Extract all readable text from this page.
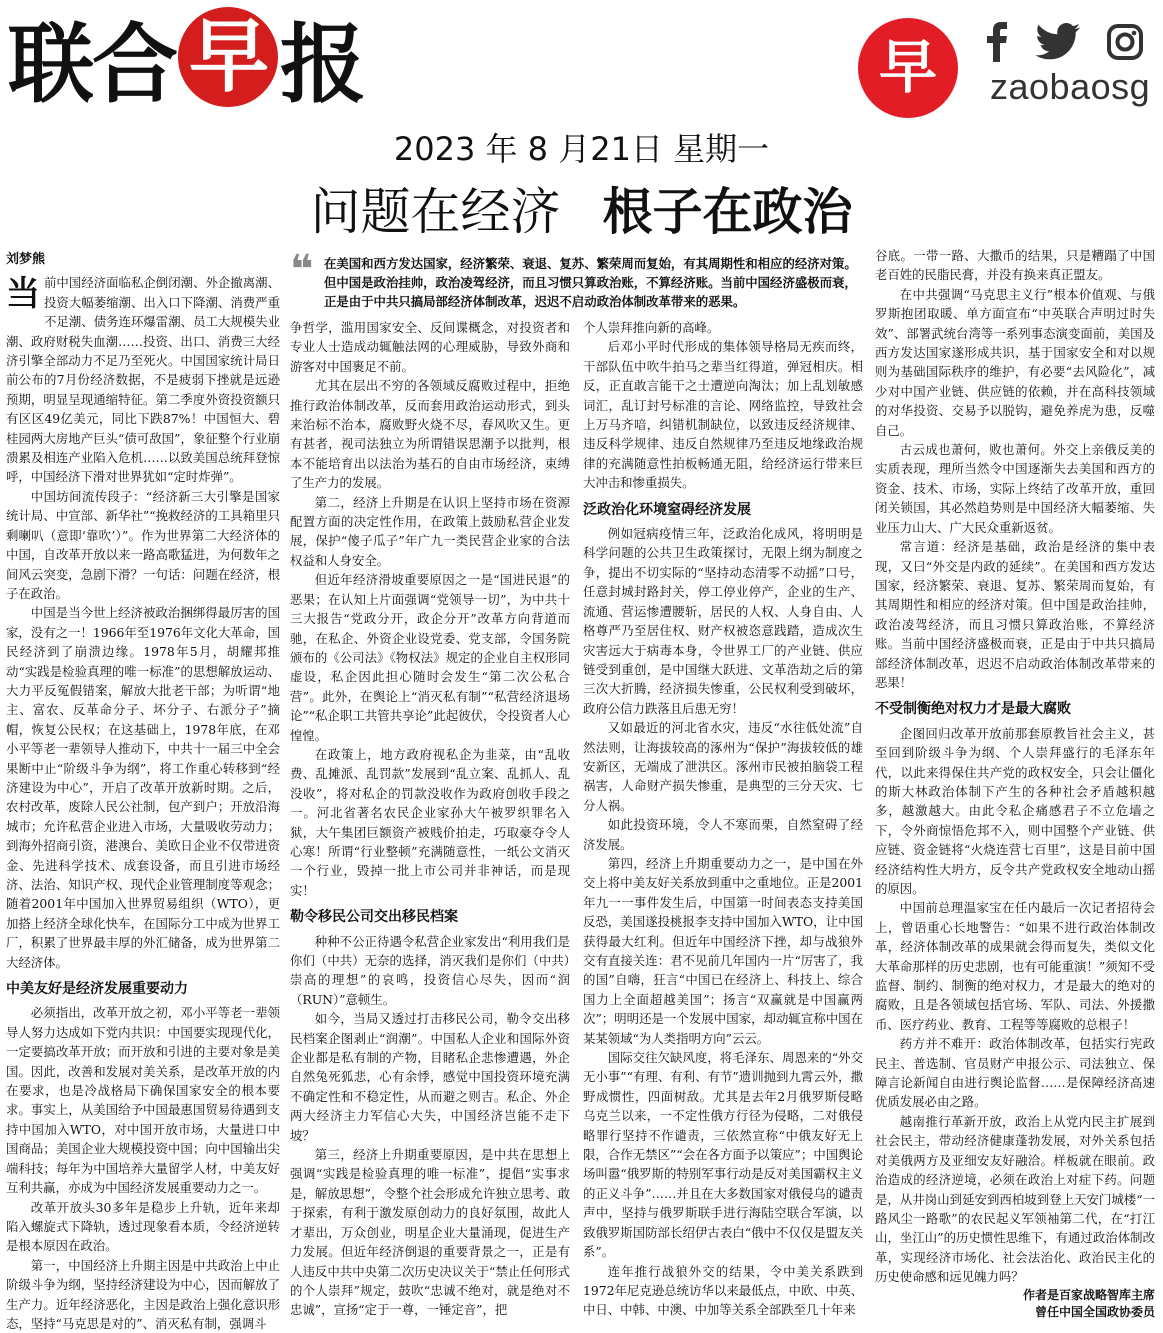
联合 早 报	早	zaobaosg
2023 年 8 月21日 星期一
问题在经济 根子在政治
刘梦熊

当前中国经济面临私企倒闭潮、外企撤离潮、投资大幅萎缩潮、出入口下降潮、消费严重不足潮、债务连环爆雷潮、员工大规模失业潮、政府财税失血潮……投资、出口、消费三大经济引擎全部动力不足乃至死火。中国国家统计局日前公布的7月份经济数据，不是疲弱下挫就是远逊预期，明显呈现通缩特征。第二季度外资投资额只有区区49亿美元，同比下跌87%！中国恒大、碧桂园两大房地产巨头“债可敌国”，象征整个行业崩溃累及相连产业陷入危机……以致美国总统拜登惊呼，中国经济下滑对世界犹如“定时炸弹”。

中国坊间流传段子：“经济新三大引擎是国家统计局、中宣部、新华社”“挽救经济的工具箱里只剩喇叭（意即‘靠吹’）”。作为世界第二大经济体的中国，自改革开放以来一路高歌猛进，为何数年之间风云突变，急剧下滑？一句话：问题在经济，根子在政治。

中国是当今世上经济被政治捆绑得最厉害的国家，没有之一！1966年至1976年文化大革命，国民经济到了崩溃边缘。1978年5月，胡耀邦推动“实践是检验真理的唯一标准”的思想解放运动、大力平反冤假错案，解放大批老干部；为听谓“地主、富农、反革命分子、坏分子、右派分子”摘帽，恢复公民权；在这基础上，1978年底，在邓小平等老一辈领导人推动下，中共十一届三中全会果断中止“阶级斗争为纲”，将工作重心转移到“经济建设为中心”，开启了改革开放新时期。之后，农村改革，废除人民公社制，包产到户；开放沿海城市；允许私营企业进入市场，大量吸收劳动力；到海外招商引资，港澳台、美欧日企业不仅带进资金、先进科学技术、成套设备，而且引进市场经济、法治、知识产权、现代企业管理制度等观念；随着2001年中国加入世界贸易组织（WTO），更加搭上经济全球化快车，在国际分工中成为世界工厂，积累了世界最丰厚的外汇储备，成为世界第二大经济体。

中美友好是经济发展重要动力

必须指出，改革开放之初，邓小平等老一辈领导人努力达成如下党内共识：中国要实现现代化，一定要搞改革开放；而开放和引进的主要对象是美国。因此，改善和发展对美关系，是改革开放的内在要求，也是冷战格局下确保国家安全的根本要求。事实上，从美国给予中国最惠国贸易待遇到支持中国加入WTO，对中国开放市场，大量进口中国商品；美国企业大规模投资中国；向中国输出尖端科技；每年为中国培养大量留学人材，中美友好互利共赢，亦成为中国经济发展重要动力之一。

改革开放头30多年是稳步上升轨，近年来却陷入螺旋式下降轨，透过现象看本质，令经济逆转是根本原因在政治。

第一，中国经济上升期主因是中共政治上中止阶级斗争为纲，坚持经济建设为中心，因而解放了生产力。近年经济恶化，主因是政治上强化意识形态，坚持“马克思是对的”、消灭私有制，强调斗

❝ 在美国和西方发达国家，经济繁荣、衰退、复苏、繁荣周而复始，有其周期性和相应的经济对策。但中国是政治挂帅，政治凌驾经济，而且习惯只算政治账，不算经济账。当前中国经济盛极而衰，正是由于中共只搞局部经济体制改革，迟迟不启动政治体制改革带来的恶果。

争哲学，滥用国家安全、反间谍概念，对投资者和专业人士造成动辄触法网的心理威胁，导致外商和游客对中国裹足不前。

尤其在层出不穷的各领域反腐败过程中，拒绝推行政治体制改革，反而套用政治运动形式，到头来治标不治本，腐败野火烧不尽，春风吹又生。更有甚者，视司法独立为所谓错误思潮予以批判，根本不能培育出以法治为基石的自由市场经济，束缚了生产力的发展。

第二，经济上升期是在认识上坚持市场在资源配置方面的决定性作用，在政策上鼓励私营企业发展，保护“傻子瓜子”年广九一类民营企业家的合法权益和人身安全。

但近年经济滑坡重要原因之一是“国进民退”的恶果；在认知上片面强调“党领导一切”，为中共十三大报告“党政分开，政企分开”改革方向背道而驰，在私企、外资企业设党委、党支部，令国务院颁布的《公司法》《物权法》规定的企业自主权形同虚设，私企因此担心随时会发生“第二次公私合营”。此外，在舆论上“消灭私有制”“私营经济退场论”“私企职工共管共享论”此起彼伏，令投资者人心惶惶。

在政策上，地方政府视私企为韭菜，由“乱收费、乱摊派、乱罚款”发展到“乱立案、乱抓人、乱没收”，将对私企的罚款没收作为政府创收手段之一。河北省著名农民企业家孙大午被罗织罪名入狱，大午集团巨额资产被贱价拍走，巧取豪夺令人心寒！所谓“行业整顿”充满随意性，一纸公文消灭一个行业，毁掉一批上市公司并非神话，而是现实！

勒令移民公司交出移民档案

种种不公正待遇令私营企业家发出“利用我们是你们（中共）无奈的选择，消灭我们是你们（中共）崇高的理想”的哀鸣，投资信心尽失，因而“润（RUN）”意顿生。

如今，当局又透过打击移民公司，勒令交出移民档案企图剥止“润潮”。中国私人企业和国际外资企业都是私有制的产物，目睹私企悲惨遭遇，外企自然兔死狐悲，心有余悸，感觉中国投资环境充满不确定性和不稳定性，从而避之则吉。私企、外企两大经济主力军信心大失，中国经济岂能不走下坡？

第三，经济上升期重要原因，是中共在思想上强调“实践是检验真理的唯一标准”，提倡“实事求是，解放思想”，令整个社会形成允许独立思考、敢于探索，有利于激发原创动力的良好氛围，故此人才辈出，万众创业，明星企业大量涌现，促进生产力发展。但近年经济倒退的重要背景之一，正是有人违反中共中央第二次历史决议关于“禁止任何形式的个人崇拜”规定，鼓吹“忠诚不绝对，就是绝对不忠诚”，宣扬“定于一尊，一锤定音”，把

个人崇拜推向新的高峰。

后邓小平时代形成的集体领导格局无疾而终，干部队伍中吹牛拍马之辈当红得道，弹冠相庆。相反，正直敢言能干之士遭逆向淘汰；加上乱划敏感词汇，乱订封号标准的言论、网络监控，导致社会上万马齐喑，纠错机制缺位，以致违反经济规律、违反科学规律、违反自然规律乃至违反地缘政治规律的充满随意性拍板畅通无阻，给经济运行带来巨大冲击和惨重损失。

泛政治化环境窒碍经济发展

例如冠病疫情三年，泛政治化成风，将明明是科学问题的公共卫生政策探讨，无限上纲为制度之争，提出不切实际的“坚持动态清零不动摇”口号，任意封城封路封关，停工停业停产，企业的生产、流通、营运惨遭腰斩，居民的人权、人身自由、人格尊严乃至居住权、财产权被恣意践踏，造成次生灾害远大于病毒本身，令世界工厂的产业链、供应链受到重创，是中国继大跃进、文革浩劫之后的第三次大折腾，经济损失惨重，公民权利受到破坏，政府公信力跌落且后患无穷！

又如最近的河北省水灾，违反“水往低处流”自然法则，让海拔较高的涿州为“保护”海拔较低的雄安新区，无端成了泄洪区。涿州市民被拍脑袋工程祸害，人命财产损失惨重，是典型的三分天灾、七分人祸。

如此投资环境，令人不寒而栗，自然窒碍了经济发展。

第四，经济上升期重要动力之一，是中国在外交上将中美友好关系放到重中之重地位。正是2001年九一一事件发生后，中国第一时间表态支持美国反恐，美国遂投桃报李支持中国加入WTO，让中国获得最大红利。但近年中国经济下挫，却与战狼外交有直接关连：君不见前几年国内一片“厉害了，我的国”自嗨，狂言“中国已在经济上、科技上、综合国力上全面超越美国”；扬言“双赢就是中国赢两次”；明明还是一个发展中国家，却动辄宣称中国在某某领域“为人类指明方向”云云。

国际交往欠缺风度，将毛泽东、周恩来的“外交无小事”“有理、有利、有节”遗训抛到九霄云外，撒野成惯性，四面树敌。尤其是去年2月俄罗斯侵略乌克兰以来，一不定性俄方行径为侵略，二对俄侵略罪行坚持不作谴责，三依然宣称“中俄友好无上限，合作无禁区”“会在各方面予以策应”；中国舆论场叫嚣“俄罗斯的特别军事行动是反对美国霸权主义的正义斗争”……并且在大多数国家对俄侵乌的谴责声中，坚持与俄罗斯联手进行海陆空联合军演，以致俄罗斯国防部长绍伊古表白“俄中不仅仅是盟友关系”。

连年推行战狼外交的结果，令中美关系跌到1972年尼克逊总统访华以来最低点，中欧、中英、中日、中韩、中澳、中加等关系全部跌至几十年来

谷底。一带一路、大撒币的结果，只是糟蹋了中国老百姓的民脂民膏，并没有换来真正盟友。

在中共强调“马克思主义行”根本价值观、与俄罗斯抱团取暖、单方面宣布“中英联合声明过时失效”、部署武统台湾等一系列事态演变面前，美国及西方发达国家遂形成共识，基于国家安全和对以规则为基础国际秩序的维护，有必要“去风险化”，减少对中国产业链、供应链的依赖，并在高科技领域的对华投资、交易予以脱钩，避免养虎为患，反噬自己。

古云成也萧何，败也萧何。外交上亲俄反美的实质表现，理所当然令中国逐渐失去美国和西方的资金、技术、市场，实际上终结了改革开放，重回闭关锁国，其必然趋势则是中国经济大幅萎缩、失业压力山大、广大民众重新返贫。

常言道：经济是基础，政治是经济的集中表现，又曰“外交是内政的延续”。在美国和西方发达国家，经济繁荣、衰退、复苏、繁荣周而复始，有其周期性和相应的经济对策。但中国是政治挂帅，政治凌驾经济，而且习惯只算政治账，不算经济账。当前中国经济盛极而衰，正是由于中共只搞局部经济体制改革，迟迟不启动政治体制改革带来的恶果！

不受制衡绝对权力才是最大腐败

企图回归改革开放前那套原教旨社会主义，甚至回到阶级斗争为纲、个人崇拜盛行的毛泽东年代，以此来得保住共产党的政权安全，只会让僵化的斯大林政治体制下产生的各种社会矛盾越积越多，越激越大。由此令私企痛感君子不立危墙之下，令外商惊悟危邦不入，则中国整个产业链、供应链、资金链将“火烧连营七百里”，这是目前中国经济结构性大坍方，反令共产党政权安全地动山摇的原因。

中国前总理温家宝在任内最后一次记者招待会上，曾语重心长地警告：“如果不进行政治体制改革，经济体制改革的成果就会得而复失，类似文化大革命那样的历史悲剧，也有可能重演！”须知不受监督、制约、制衡的绝对权力，才是最大的绝对的腐败，且是各领域包括官场、军队、司法、外援撒币、医疗药业、教育、工程等等腐败的总根子！

药方并不难开：政治体制改革，包括实行宪政民主、普选制、官员财产申报公示、司法独立、保障言论新闻自由进行舆论监督……是保障经济高速优质发展必由之路。

越南推行革新开放，政治上从党内民主扩展到社会民主，带动经济健康蓬勃发展，对外关系包括对美俄两方及亚细安友好融洽。样板就在眼前。政治造成的经济逆境，必须在政治上对症下药。问题是，从井岗山到延安到西柏坡到登上天安门城楼“一路风尘一路歌”的农民起义军领袖第二代，在“打江山，坐江山”的历史惯性思维下，有通过政治体制改革，实现经济市场化、社会法治化、政治民主化的历史使命感和远见魄力吗？

作者是百家战略智库主席
曾任中国全国政协委员
